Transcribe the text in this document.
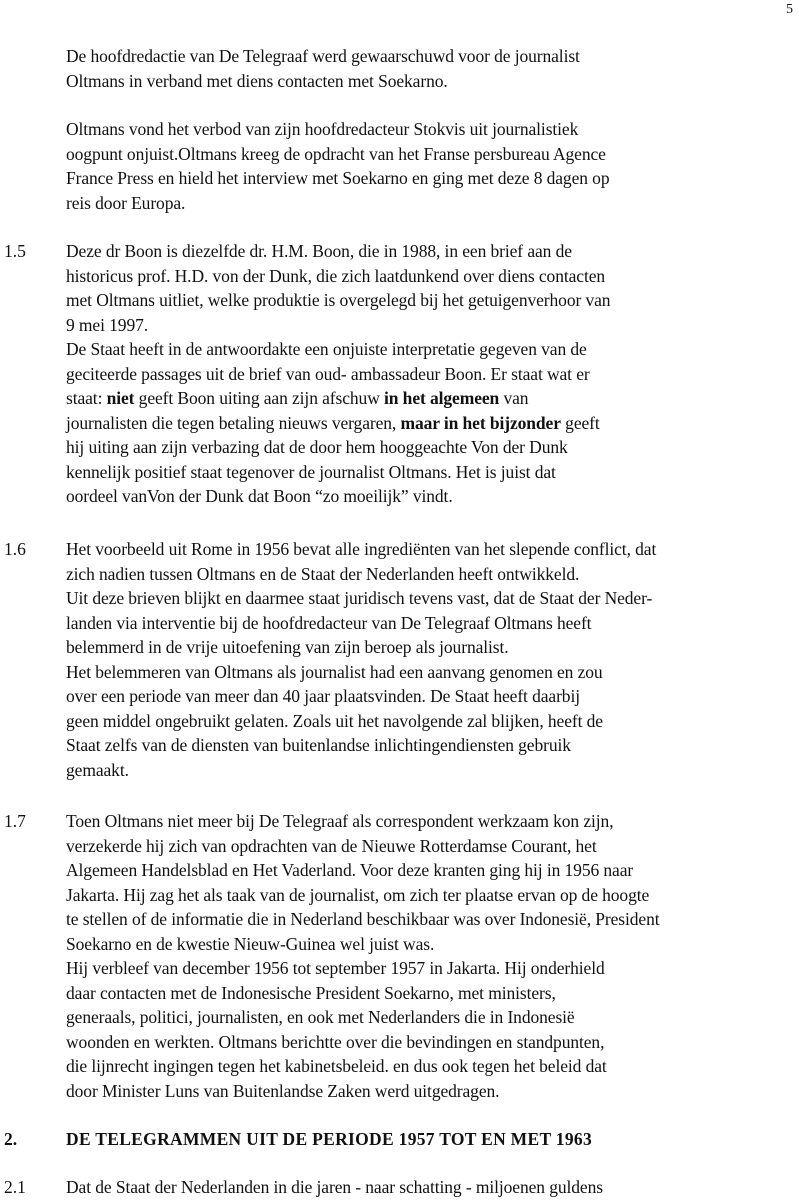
5
De hoofdredactie van De Telegraaf werd gewaarschuwd voor de journalist
Oltmans in verband met diens contacten met Soekarno.
Oltmans vond het verbod van zijn hoofdredacteur Stokvis uit journalistiek
oogpunt onjuist.Oltmans kreeg de opdracht van het Franse persbureau Agence
France Press en hield het interview met Soekarno en ging met deze 8 dagen op
reis door Europa.
1.5 Deze dr Boon is diezelfde dr. H.M. Boon, die in 1988, in een brief aan de
historicus prof. H.D. von der Dunk, die zich laatdunkend over diens contacten
met Oltmans uitliet, welke produktie is overgelegd bij het getuigenverhoor van
9 mei 1997.
De Staat heeft in de antwoordakte een onjuiste interpretatie gegeven van de
geciteerde passages uit de brief van oud- ambassadeur Boon. Er staat wat er
staat: niet geeft Boon uiting aan zijn afschuw in het algemeen van
journalisten die tegen betaling nieuws vergaren, maar in het bijzonder geeft
hij uiting aan zijn verbazing dat de door hem hooggeachte Von der Dunk
kennelijk positief staat tegenover de journalist Oltmans. Het is juist dat
oordeel vanVon der Dunk dat Boon “zo moeilijk” vindt.
1.6 Het voorbeeld uit Rome in 1956 bevat alle ingrediënten van het slepende conflict, dat
zich nadien tussen Oltmans en de Staat der Nederlanden heeft ontwikkeld.
Uit deze brieven blijkt en daarmee staat juridisch tevens vast, dat de Staat der Neder-
landen via interventie bij de hoofdredacteur van De Telegraaf Oltmans heeft
belemmerd in de vrije uitoefening van zijn beroep als journalist.
Het belemmeren van Oltmans als journalist had een aanvang genomen en zou
over een periode van meer dan 40 jaar plaatsvinden. De Staat heeft daarbij
geen middel ongebruikt gelaten. Zoals uit het navolgende zal blijken, heeft de
Staat zelfs van de diensten van buitenlandse inlichtingendiensten gebruik
gemaakt.
1.7 Toen Oltmans niet meer bij De Telegraaf als correspondent werkzaam kon zijn,
verzekerde hij zich van opdrachten van de Nieuwe Rotterdamse Courant, het
Algemeen Handelsblad en Het Vaderland. Voor deze kranten ging hij in 1956 naar
Jakarta. Hij zag het als taak van de journalist, om zich ter plaatse ervan op de hoogte
te stellen of de informatie die in Nederland beschikbaar was over Indonesië, President
Soekarno en de kwestie Nieuw-Guinea wel juist was.
Hij verbleef van december 1956 tot september 1957 in Jakarta. Hij onderhield
daar contacten met de Indonesische President Soekarno, met ministers,
generaals, politici, journalisten, en ook met Nederlanders die in Indonesië
woonden en werkten. Oltmans berichtte over die bevindingen en standpunten,
die lijnrecht ingingen tegen het kabinetsbeleid. en dus ook tegen het beleid dat
door Minister Luns van Buitenlandse Zaken werd uitgedragen.
2.	DE TELEGRAMMEN UIT DE PERIODE 1957 TOT EN MET 1963
2.1 Dat de Staat der Nederlanden in die jaren - naar schatting - miljoenen guldens
